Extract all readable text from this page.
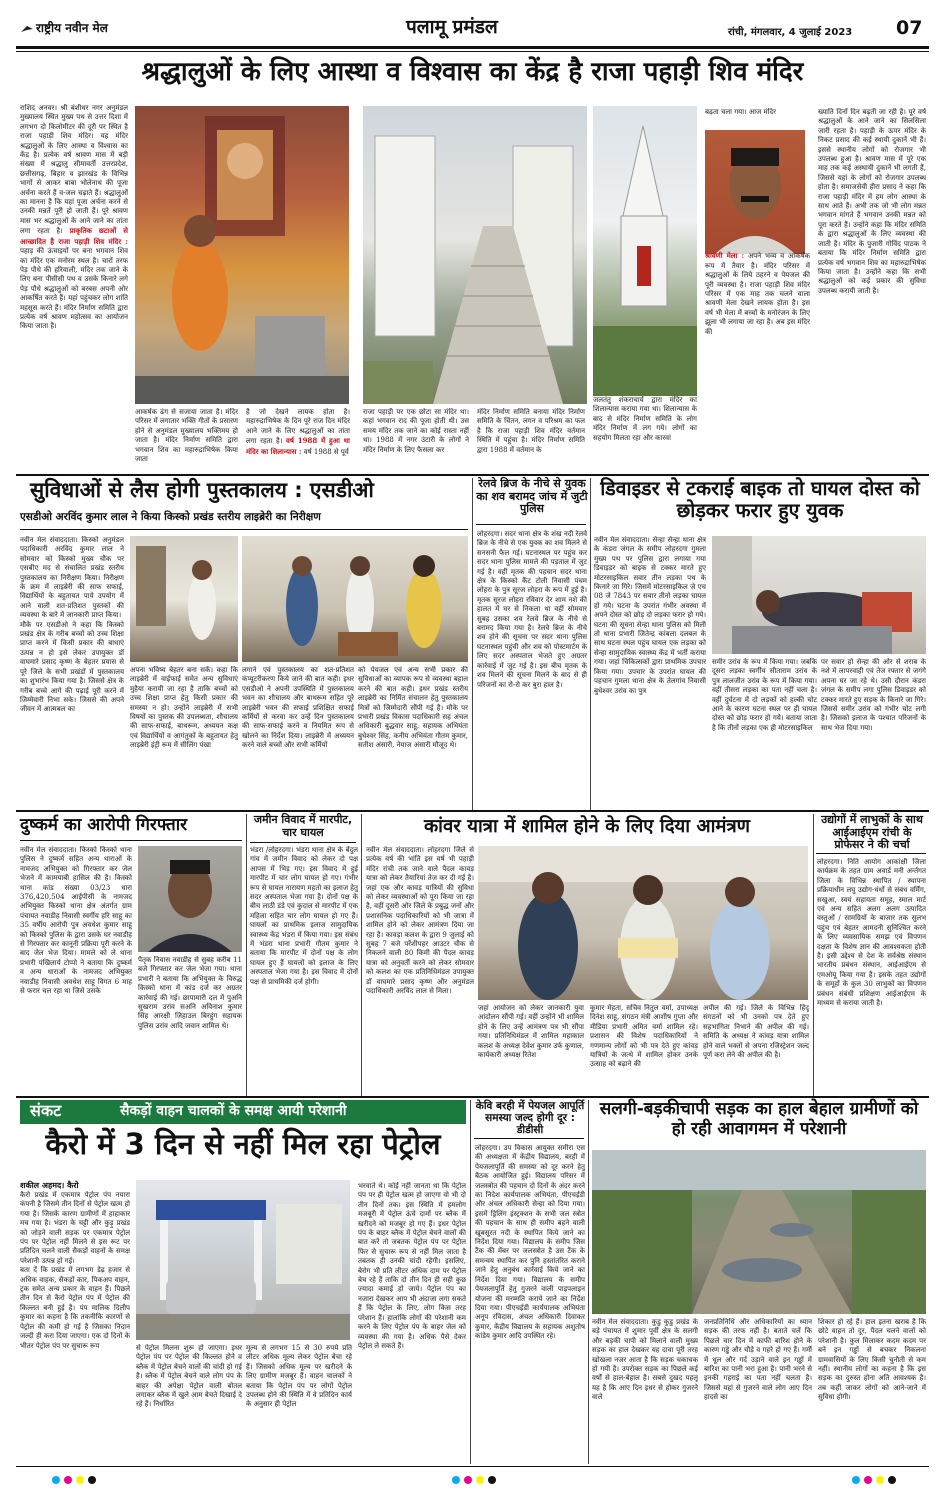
राष्ट्रीय नवीन मेल	पलामू प्रमंडल	रांची, मंगलवार, 4 जुलाई 2023 07
श्रद्धालुओं के लिए आस्था व विश्वास का केंद्र है राजा पहाड़ी शिव मंदिर
राशिद अनवर। श्री बंशीधर नगर अनुमंडल मुख्यालय स्थित मुख्य पथ से उत्तर दिशा में लगभग दो किलोमीटर की दूरी पर स्थित है राजा पहाड़ी शिव मंदिर। यह मंदिर श्रद्धालुओं के लिए आस्था व विश्वास का केंद्र है। प्रत्येक वर्ष श्रावण मास में बड़ी संख्या में श्रद्धालु सीमावर्ती उत्तरप्रदेश, छत्तीसगढ़, बिहार व झारखंड के विभिन्न भागों से आकर बाबा भोलेनाथ की पूजा अर्चना करते हैं व-जल चढ़ाते हैं। श्रद्धालुओं का मानना है कि यहां पूजा अर्चना करने से उनकी मन्नतें पूरी हो जाती हैं। पूरे श्रावण मास भर श्रद्धालुओं के आने जाने का तांता लगा रहता है। प्राकृतिक छटाओं से आच्छादित है राजा पहाड़ी शिव मंदिर : पहाड़ की ऊंचाइयों पर बना भगवान शिव का मंदिर एक मनोरम स्थल है। चारों तरफ पेड़ पौधे की हरियाली, मंदिर तक जाने के लिए बना पीसीसी पथ व उसके किनारे लगे पेड़ पौधे श्रद्धालुओं को बरबस अपनी ओर आकर्षित करते हैं। यहां पहुंचकर लोग शांति महसूस करते हैं। मंदिर निर्माण समिति द्वारा प्रत्येक वर्ष श्रावण महोत्सव का आयोजन किया जाता है।
आकर्षक ढंग से सजाया जाता है। मंदिर परिसर में लगातार भक्ति गीतों के प्रसारण होने से अनुमंडल मुख्यालय भक्तिमय हो जाता है। मंदिर निर्माण समिति द्वारा भगवान शिव का महारुद्राभिषेक किया जाता
है जो देखने लायक होता है। महारुद्राभिषेक के दिन पूरे राज दिन मंदिर आने जाने के लिए श्रद्धालुओं का तांता लगा रहता है। वर्ष 1988 में हुआ था मंदिर का शिलान्यास : वर्ष 1988 से पूर्व
राजा पहाड़ी पर एक छोटा सा मंदिर था। कहां भगवान राद की पूजा होती थी। उस समय मंदिर तक जाने का कोई रास्ता नहीं था। 1988 में नगर उंटारी के लोगों ने मंदिर निर्माण के लिए फैसला कर
मंदिर निर्माण समिति बनाया मंदिर निर्माण समिति के चिंतन, लगन व परिश्रम का फल है कि राजा पहाड़ी शिव मंदिर वर्तमान स्थिति में पहुंचा है। मंदिर निर्माण समिति द्वारा 1988 में वर्तमान के
जलतंतु शंकराचार्य द्वारा मंदिर का शिलान्यास कराया गया था। शिलान्यास के बाद से मंदिर निर्माण समिति के लोग मंदिर निर्माण में लग गये। लोगों का सहयोग मिलता रहा और कारवां
बढ़ता चला गया। आज मंदिर
श्रावणी मेला : अपने भव्य व आकर्षक रूप में तैयार है। मंदिर परिसर में श्रद्धालुओं के लिये ठहरने व पेयजल की पूरी व्यवस्था है। राजा पहाड़ी शिव मंदिर परिसर में एक माह तक चलने वाला श्रावणी मेला देखने लायक होता है। इस वर्ष भी मेला में बच्चों के मनोरंजन के लिए झूला भी लगाया जा रहा है। अब इस मंदिर की
ख्याति दिनों दिन बढ़ती जा रही है। पूरे वर्ष श्रद्धालुओं के आने जाने का सिलसिला जारी रहता है। पहाड़ी के ऊपर मंदिर के निकट प्रसाद की कई स्थायी दुकानें भी हैं। इससे स्थानीय लोगों को रोजगार भी उपलब्ध हुआ है। श्रावण मास में पूरे एक माह तक कई अस्थायी दुकानें भी लगती हैं, जिससे यहां के लोगों को रोजगार उपलब्ध होता है। समाजसेवी हीरा प्रसाद ने कहा कि राजा पहाड़ी मंदिर में हम लोग आस्था के साथ आते हैं। अभी तक जो भी लोग मन्नत भगवान मांगते हैं भगवान उनकी मन्नत को पूरा करते हैं। उन्होंने कहा कि मंदिर समिति के द्वारा श्रद्धालुओं के लिए व्यवस्था की जाती है। मंदिर के पुजारी गोविंद पाठक ने बताया कि मंदिर निर्माण समिति द्वारा प्रत्येक वर्ष भगवान शिव का महारुद्राभिषेक किया जाता है। उन्होंने कहा कि सभी श्रद्धालुओं को कई प्रकार की सुविधा उपलब्ध करायी जाती है।
सुविधाओं से लैस होगी पुस्तकालय : एसडीओ
एसडीओ अरविंद कुमार लाल ने किया किस्को प्रखंड स्तरीय लाइब्रेरी का निरीक्षण
नवीन मेल संवाददाता। किस्को अनुमंडल पदाधिकारी अरविंद कुमार लाल ने सोमवार को किस्को मुख्य चौक पर एसबीए मद से संचालित प्रखंड स्तरीय पुस्तकालय का निरीक्षण किया। निरीक्षण के क्रम में लाइब्रेरी की साफ सफाई, विद्यार्थियों के बहुतायत पाये उपयोग में आने वाली शत-प्रतिशत पुस्तकों की व्यवस्था के बारे में जानकारी प्राप्त किया।
मौके पर एसडीओ ने कहा कि किस्को प्रखंड क्षेत्र के गरीब बच्चों को उच्च शिक्षा प्राप्त करने में किसी प्रकार की बाधाएं उत्पन्न न हो इसे लेकर उपायुक्त डॉ वाघमारे प्रसाद कृष्ण के बेहतर प्रयास से पूरे जिले के सभी प्रखंडों में पुस्तकालय का शुभारंभ किया गया है। जिससे क्षेत्र के गरीब बच्चे आगे की पढ़ाई पूरी करने में जिम्मेवारी निभा सके। जिससे की अपने जीवन में आत्मबल का
अपना भविष्य बेहतर बना सकें। कहा कि लाइब्रेरी में वाईफाई समेत अन्य सुविधाएं मुहैया करायी जा रहा है ताकि बच्चों को उच्च शिक्षा प्राप्त हेतु किसी प्रकार की समस्या न हो। उन्होंने लाइब्रेरी में सभी विषयों का पुस्तक की उपलब्धता, शौचालय की साफ-सफाई, बाथरूम, अध्ययन कक्ष एवं विद्यार्थियों व आगंतुकों के बहुतायत हेतु लाइब्रेरी इंट्री रूम में सीलिंग पंखा
लगाने एवं पुस्तकालय का शत-प्रतिशत कंप्यूटरीकरण किये जाने की बात कही। इधर एसडीओ ने अपनी उपस्थिति में पुस्तकालय भवन का शौचालय और बाथरूम सहित पूरे लाइब्रेरी भवन की सफाई प्रशिक्षित सफाई कर्मियों से करवा कर उन्हें दिन पुस्तकालय की साफ-सफाई करने व नियमित रूप से खोलने का निर्देश दिया। लाइब्रेरी में अध्ययन करने वाले बच्चों और सभी कर्मियों
को पेयजल एवं अन्य सभी प्रकार की सुविधाओं का व्यापक रूप से व्यवस्था बहाल करने की बात कही। इधर प्रखंड स्तरीय लाइब्रेरी का निर्मित संचालन हेतु पुस्तकालय मित्रों को जिम्मेदारी सौंपी गई है। मौके पर प्रभारी प्रखंड विकास पदाधिकारी सह अंचल अधिकारी बुद्धवार साहू, सहायक अभियंता बुधेश्वर सिंह, कनीय अभियंता गौतम कुमार, सतीश अंसारी, नेयाज अंसारी मौजूद थे।
रेलवे ब्रिज के नीचे से युवक का शव बरामद जांच में जुटी पुलिस
लोहरदगा। सदर थाना क्षेत्र के शंख नदी रेलवे ब्रिज के नीचे से एक युवक का शव मिलने से सनसनी फैल गई। घटनास्थल पर पहुंच कर सदर थाना पुलिस मामले की पड़ताल में जुट गई है। वहीं मृतक की पहचान सदर थाना क्षेत्र के किस्को कैंट टोली निवासी पंचम लोहरा के पुत्र सूरज लोहरा के रूप में हुई है। मृतक सूरज लोहरा रविवार देर शाम नशे की हालत में घर से निकला था वहीं सोमवार सुबह उसका शव रेलवे ब्रिज के नीचे से बरामद किया गया है। रेलवे ब्रिज के नीचे शव होने की सूचना पर सदर थाना पुलिस घटनास्थल पहुंची और शव को पोस्टमार्टम के लिए सदर अस्पताल भेजते हुए अग्रतर कार्रवाई में जुट गई है। इस बीच मृतक के शव मिलने की सूचना मिलने के बाद से ही परिजनों का रो-रो कर बुरा हाल है।
डिवाइडर से टकराई बाइक तो घायल दोस्त को छोड़कर फरार हुए युवक
नवीन मेल संवाददाता। सेन्हा सेन्हा थाना क्षेत्र के कंडरा जंगल के समीप लोहरदगा गुमला मुख्य पथ पर पुलिस द्वारा लगाया गया डिवाइडर को बाइक से टक्कर मारते हुए मोटरसाइकिल सवार तीन लड़का पथ के किनारे जा गिरे। जिसमें मोटरसाइकिल जे एच 08 जे 7843 पर सवार तीनो लड़का घायल हो गये। घटना के उपरांत गंभीर अवस्था में अपने दोस्त को छोड़ दो लड़का फरार हो गये। घटना की सूचना सेन्हा थाना पुलिस को मिली तो थाना प्रभारी जितेन्द्र कांबला दलबल के साथ घटना स्थल पहुंच घायल एक लड़का को सेन्हा सामुदायिक स्वास्थ्य केंद्र में भर्ती कराया गया। जहां चिकित्सकों द्वारा प्राथमिक उपचार किया गया। उपचार के उपरांत घायल की पहचान गुमला थाना क्षेत्र के तेलगांव निवासी बुधेश्वर उरांव का पुत्र
समीर उरांव के रूप में किया गया। जबकि दूसरा लड़का स्वर्गीय सीताराम उरांव के पुत्र लालजीत उरांव के रूप में किया गया। वहीं तीसरा लड़का का पता नहीं चला है। वहीं दुर्घटना में दो लड़कों को हल्की चोट आने के कारण घटना स्थल पर ही घायल दोस्त को छोड़ फरार हो गये। बताया जाता है कि तीनों लड़का एक ही मोटरसाइकिल
पर सवार हो सेन्हा की ओर से शराब के नशे में लापरवाही एवं तेज रफ्तार से जगंगे अपना घर जा रहे थे। उसी दौरान कंडरा जंगल के समीप लगा पुलिस डिवाइडर को टक्कर मारते हुए सड़क के किनारे जा गिरे। जिससे समीर उरांव को गंभीर चोट लगी है। जिसको इलाज के पश्चात परिजनों के साथ भेज दिया गया।
दुष्कर्म का आरोपी गिरफ्तार
नवीन मेल संवाददाता। किस्को किस्को थाना पुलिस ने दुष्कर्म सहित अन्य धाराओं के नामजद अभियुक्त को गिरफ्तार कर जेल भेजने में कामयाबी हासिल की है। किस्को थाना कांड संख्या 03/23 धारा 376,420,504 आईपीसी के नामजद अभियुक्त किस्को थाना क्षेत्र अंतर्गत ग्राम पंचायत नवाडीह निवासी स्वर्गीय हरि साहू का 35 वर्षीय आरोपी पुत्र अवधेश कुमार साहू को किस्को पुलिस के द्वारा उसके घर नवाडीह से गिरफ्तार कर कानूनी प्रक्रिया पूरी करने के बाद जेल भेज दिया। मामले को ले थाना प्रभारी पंखिलार्य टोप्पो ने बताया कि दुष्कर्म व अन्य धाराओं के नामजद अभियुक्त नवाडीह निवासी अवधेश साहू विगत 6 माह से फरार चल रहा था जिसे उसके
पैतृक निवास नवाडीह से सुबह करीब 11 बजे गिरफ्तार कर जेल भेजा गया। थाना प्रभारी ने बताया कि अभियुक्त के विरुद्ध किस्को थाना में कांड दर्ज कर अग्रतर कार्रवाई की गई। छापामारी दल में पुअनि सुखराम उरांव सअनि अविनाश कुमार सिंह आरक्षी जिहाउल बिरहुंग सहायक पुलिस उरांव आदि जवान शामिल थे।
जमीन विवाद में मारपीट, चार घायल
भंडरा /लोहरदगा। भंडरा थाना क्षेत्र के बेंदुल गांव में जमीन विवाद को लेकर दो पक्ष आपस में भिड़ गए। इस विवाद में हुई मारपीट में चार लोग घायल हो गए। गंभीर रूप से घायल नारायण महतो का इलाज हेतु सदर अस्पताल भेजा गया है। दोनों पक्ष के बीच लाठी डंडे एवं कुदाल से मारपीट में एक महिला सहित चार लोग घायल हो गए हैं। घायलों का प्राथमिक इलाज सामुदायिक स्वास्थ्य केंद्र भंडरा में किया गया। इस संबंध में भंडरा थाना प्रभारी गौतम कुमार ने बताया कि मारपीट में दोनों पक्ष के लोग घायल हुए हैं घायलों को इलाज के लिए अस्पताल भेजा गया है। इस विवाद में दोनों पक्ष से प्राथमिकी दर्ज होगी।
कांवर यात्रा में शामिल होने के लिए दिया आमंत्रण
नवीन मेल संवाददाता। लोहरदगा जिले से प्रत्येक वर्ष की भांति इस वर्ष भी पहाड़ी मंदिर रांची तक जाने वाले पैदल कावड़ यात्रा को लेकर तैयारियां तेज कर दी गई है। जहां एक और कावड़ यात्रियों की सुविधा को लेकर व्यवस्थाओं को पूरा किया जा रहा है, वहीं दूसरी ओर जिले के प्रबुद्ध जनों और प्रशासनिक पदाधिकारियों को भी जात्रा में शामिल होने को लेकर आमंत्रण दिया जा रहा है। कावड़ा कलश के द्वारा 9 जुलाई को सुबह 7 बजे पर्रेशीपहर आउटर चौक से निकलने वाली 80 किमी की पैदल कावड़ यात्रा को अनुवर्ती करने को लेकर सोमवार को कलश का एक प्रतिनिधिमंडल उपायुक्त डॉ वाघमारे प्रसाद कृष्ण और अनुमंडल पदाधिकारी अरविंद लाल से मिला।
जहां आयोजन को लेकर जानकारी युवा आंदोलन सौंपी गई। वहीं उन्होंने भी शामिल होने के लिए उन्हें आमंत्रण पत्र भी सौंपा गया। प्रतिनिधिमंडल में शामिल महाकाल कलश के अध्यक्ष देवेश कुमार उर्फ कुणाल, कार्यकारी अध्यक्ष रितेश
कुमार मेहता, सचिव नितुल वर्मा, उपाध्यक्ष दिनेश साहू, संगठन मंत्री आशीष गुप्ता और मीडिया प्रभारी अमित वर्मा शामिल रहे। प्रशासन की विशेष पदाधिकारियों ने गणमान्य लोगों को भी पत्र देते हुए कांवड़ यात्रियों के जत्थे में शामिल होकर उनके उत्साह को बढ़ाने की
अपील की गई। जिले के विभिन्न हिंदू संगठनों को भी उनको पत्र देते हुए सहभागिता निभाने की अपील की गई। समिति के अध्यक्ष ने कांवड़ यात्रा शामिल होने वाले भक्तों से अपना रजिस्ट्रेशन जल्द पूर्ण करा लेने की अपील की है।
उद्योगों में लाभुकों के साथ आईआईएम रांची के प्रोफेसर ने की चर्चा
लोहरदगा। निति आयोग आकांक्षी जिला कार्यक्रम के तहत ग्राम अवार्ड मनी अर्न्तगत जिला के विभिन्न स्थापित / स्थापना प्रक्रियाधीन लघु उद्योग-धंधों से संबंध वर्मिंग, सखुआ, स्वयं सहायता समूह, स्माल मार्ट एवं अन्य सहित अलग अलग उत्पादित वस्तुओं / सामग्रियों के बाजार तक सुलभ पहुंच एवं बेहतर आमदनी सुनिश्चित करने के लिए व्यवसायिक समझ एवं विपणन दक्षता के विशेष ज्ञान की आवश्यकता होती है। इसी उद्देश्य से देश के सर्वश्रेष्ठ संस्थान भारतीय प्रबंधन संस्थान, आईआईएम से एमओयू किया गया है। इसके तहत उद्योगों के समूहों के कुल 30 लाभुकों का विपणन प्रबंधन संबंधी प्रशिक्षण आईआईएम के माध्यम से कराया जाती है।
संकट	सैकड़ों वाहन चालकों के समक्ष आयी परेशानी
कैरो में 3 दिन से नहीं मिल रहा पेट्रोल
शकील अहमद। कैरो
कैरो प्रखंड में एकमात्र पेट्रोल पंप नयारा कंपनी है जिसमे तीन दिनों से पेट्रोल खत्म हो गया है। जिसके कारण ग्रामीणों में हाहाकार मच गया है। भंडरा के चट्टी और कुड़ु प्रखंड को जोड़ने वाली सड़क पर एकमात्र पेट्रोल पंप पर पेट्रोल नहीं मिलने से इस रूट पर प्रतिदिन चलने वाली सैकड़ों वाहनों के समक्ष परेशानी उत्पन्न हो गई।
बता दें कि प्रखंड में लगभग डेढ़ हजार से अधिक वाहक, सैकड़ों कार, पिकअप वाहन, ट्रक समेत अन्य प्रकार के वाहन हैं। पिछले तीन दिन से कैरो पेट्रोल पंप में पेट्रोल की किल्लत बनी हुई है। पंप मालिक दिलीप कुमार का कहना है कि तकनीकि कारणों से पेट्रोल की कमी हो गई है जिसका निदान जल्दी ही करा दिया जाएगा। एक दो दिनों के भीतर पेट्रोल पंप पर सुचारू रूप	से पेट्रोल मिलना शुरू हो जाएगा। इधर पेट्रोल पंप पर पेट्रोल की किल्लत होने व ब्लैक में पेट्रोल बेचने वालों की चांदी हो गई है। ब्लैक में पेट्रोल बेचने वाले लोग पंप के बाहर की अपेक्षा पेट्रोल वाली बोतल लगाकर ब्लैक में खुले आम बेचते दिखाई दे रहे हैं। निर्धारित
मूल्य से लगभग 15 से 30 रुपये प्रति लीटर अधिक मूल्य लेकर पेट्रोल बेचा रहे हैं। जिसको अधिक मूल्य पर खरीदने के लिए ग्रामीण मजबूर हैं। वाहन चालकों ने बताया कि पेट्रोल पंप पर लोगों पेट्रोल उपलब्ध होने की स्थिति में वे प्रतिदिन कार्य के अनुसार ही पेट्रोल
भरवाते थे। कोई नहीं जानता था कि पेट्रोल पंप पर ही पेट्रोल खत्म हो जाएगा वो भी दो तीन दिनों तक। इस स्थिति में हमलोग मजबूरी में पेट्रोल ऊंचे दामों पर ब्लैक में खरीदने को मजबूर हो गए हैं। इधर पेट्रोल पंप के बाहर ब्लैक में पेट्रोल बेचने वालों की बात करें तो जबतक पेट्रोल पंप पर पेट्रोल फिर से सुचारू रूप से नहीं मिल जाता है तबतक ही उनकी चांदी रहेगी। इसलिए, बेरोग भी प्रति लीटर अधिक दाम पर पेट्रोल बेच रहे हैं ताकि दो तीन दिन ही सही कुछ ज्यादा कमाई हो जाये। पेट्रोल पंप का नजारा देखकर आप भी अंदाजा लगा सकते हैं कि पेट्रोल के लिए, लोग किस तरह परेशान हैं। हालांकि लोगों की परेशानी कम करने के लिए पेट्रोल पंप के बाहर जेल को व्यवस्था की गया है। अधिक पैसे देकर पेट्रोल ले सकते हैं।
केवि बरही में पेयजल आपूर्ति समस्या जल्द होगी दूर : डीडीसी
लोहरदगा। उप विकास आयुक्त समीरा एस की अध्यक्षता में केंद्रीय विद्यालय, बरही में पेयजलापूर्ति की समस्या को दूर करने हेतु बैठक आयोजित हुई। विद्यालय परिसर में जलस्त्रोत की पहचान दो दिनों के अंदर करने का निदेश कार्यपालक अभियंता, पीएचईडी और अंचल अधिकारी सेन्हा को दिया गया। इसमें ड्रिलिंग इंस्ट्रक्शन के सभी जल स्त्रोत की पहचान के साथ ही समीप बहने वाली खूबसूरत नदी के स्थापित किये जाने का निर्देश दिया गया। विद्यालय के समीप जिस टैंक की मेंबर पर जलस्त्रोत है उस टैंक के समन्वय स्थापित कर पुनि हस्तांतरित कराने जाने हेतु अनुबंध कार्रवाई किये जाने का निर्देश दिया गया। विद्यालय के समीप पेयजलापूर्ति हेतु गुजरने वाली पाइपलाइन योजना की मरम्मति कराये जाने का निर्देश दिया गया। पीएचईडी कार्यपालक अभियंता अनूप रविदास, अंचल अधिकारी दिवाकर कुमार, केंद्रीय विद्यालय के सहायक अशुतोष कांडेय कुमार आदि उपस्थित रहे।
सलगी-बड़कीचापी सड़क का हाल बेहाल ग्रामीणों को हो रही आवागमन में परेशानी
नवीन मेल संवाददाता। कुडु कुडु प्रखंड के बड़े पंचायत में शुमार पूर्वी क्षेत्र के सलगी और बड़की चापी को मिलाने वाली मुख्य सड़क का हाल देखकर यह दावा पूरी तरह खोखला नजर आता है कि सड़क चकाचक हो गयी है। उपरोक्त सड़क का पिछले कई वर्षों से हाल-बेहाल है। सबसे दुखद पहलू यह है कि आए दिन इधर से होकर गुजरने वाले
जनप्रतिनिधि और अधिकारियों का ध्यान सड़क की तरफ नहीं है। बताते चलें कि पिछले चार दिन में काफी बारिश होने के कारण गड्ढे और चौड़े व गहरे हो गए हैं। गर्मी में धूल और गर्द उड़ाने वाले इन गड्ढों में बारिश का पानी भरा हुआ है। पानी भरने से इनकी गहराई का पता नहीं चलता है। जिससे यहां से गुजरने वाले लोग आए दिन हादसे का
शिकार हो रहे हैं। हाल इतना खराब है कि छोटे वाहन तो दूर, पैदल चलने वालों को परेशानी है। कुल मिलाकर कदम कदम पर बने इन गड्ढों से बचकर निकलना ग्रामवासियों के लिए किसी चुनौती से कम नहीं। स्थानीय लोगों का कहना है कि इस सड़क का दुरुस्त होना अति आवश्यक है। तब कहीं जाकर लोगों को आने-जाने में सुविधा होगी।
